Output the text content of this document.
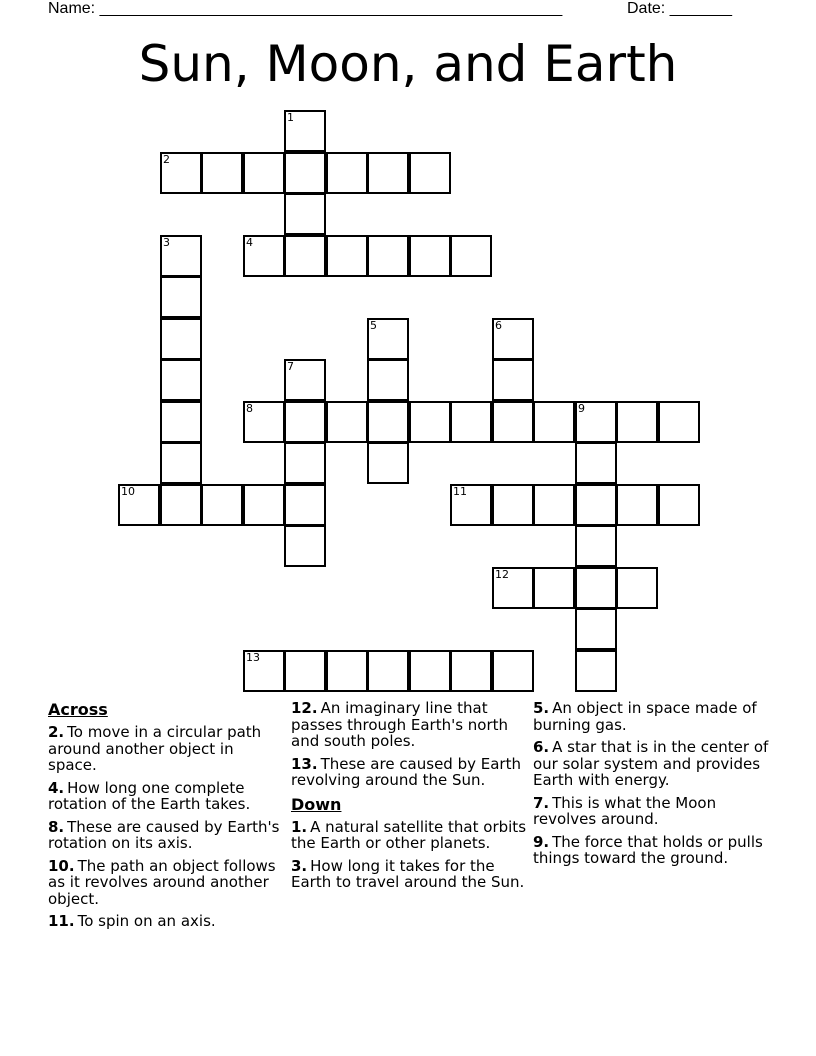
Name: ____________________________________________________	Date: _______
Sun, Moon, and Earth
1
2
3	4
5	6
7
8	9
10	11
12
13
Across
2. To move in a circular path around another object in space.
4. How long one complete rotation of the Earth takes.
8. These are caused by Earth's rotation on its axis.
10. The path an object follows as it revolves around another object.
11. To spin on an axis.
12. An imaginary line that passes through Earth's north and south poles.
13. These are caused by Earth revolving around the Sun.
Down
1. A natural satellite that orbits the Earth or other planets.
3. How long it takes for the Earth to travel around the Sun.
5. An object in space made of burning gas.
6. A star that is in the center of our solar system and provides Earth with energy.
7. This is what the Moon revolves around.
9. The force that holds or pulls things toward the ground.
